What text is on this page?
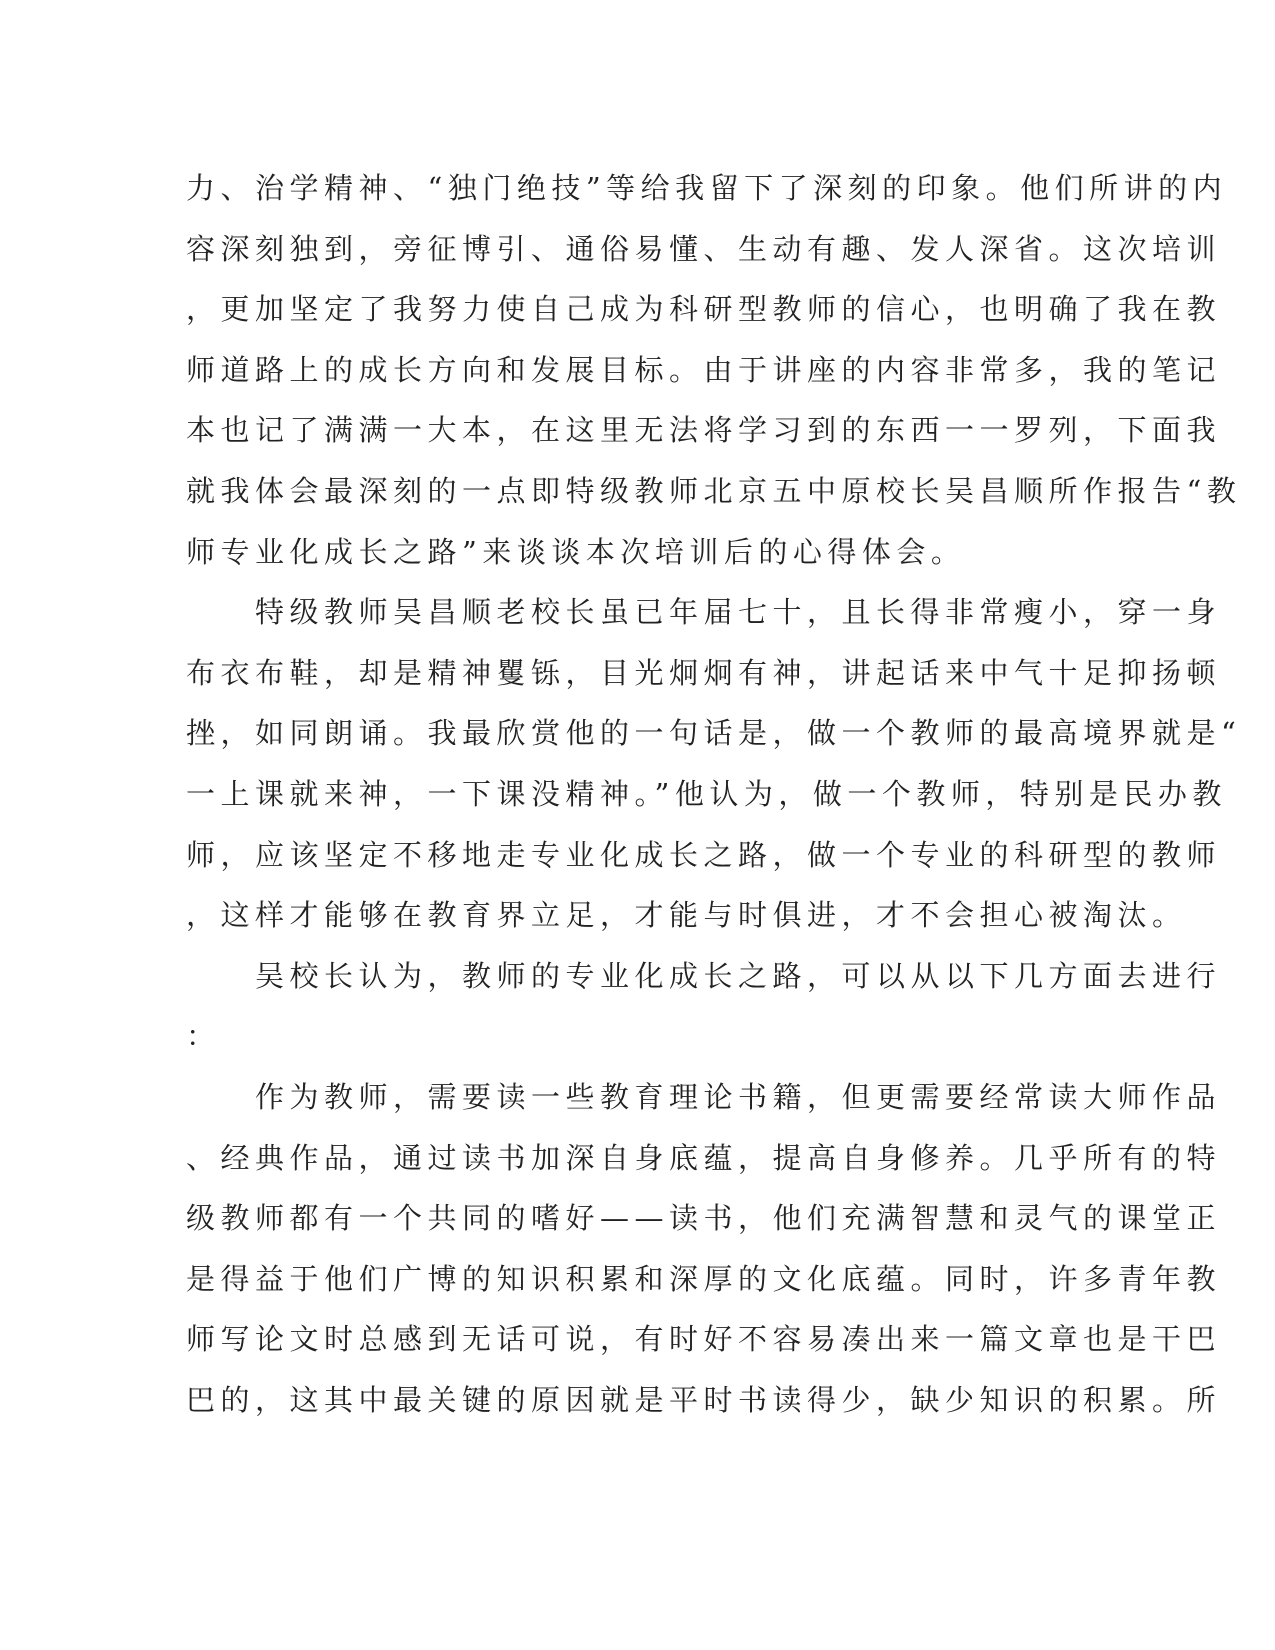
力、治学精神、“独门绝技”等给我留下了深刻的印象。他们所讲的内
容深刻独到，旁征博引、通俗易懂、生动有趣、发人深省。这次培训
，更加坚定了我努力使自己成为科研型教师的信心，也明确了我在教
师道路上的成长方向和发展目标。由于讲座的内容非常多，我的笔记
本也记了满满一大本，在这里无法将学习到的东西一一罗列，下面我
就我体会最深刻的一点即特级教师北京五中原校长吴昌顺所作报告“教
师专业化成长之路”来谈谈本次培训后的心得体会。
　　特级教师吴昌顺老校长虽已年届七十，且长得非常瘦小，穿一身
布衣布鞋，却是精神矍铄，目光炯炯有神，讲起话来中气十足抑扬顿
挫，如同朗诵。我最欣赏他的一句话是，做一个教师的最高境界就是“
一上课就来神，一下课没精神。”他认为，做一个教师，特别是民办教
师，应该坚定不移地走专业化成长之路，做一个专业的科研型的教师
，这样才能够在教育界立足，才能与时俱进，才不会担心被淘汰。
　　吴校长认为，教师的专业化成长之路，可以从以下几方面去进行
：
　　作为教师，需要读一些教育理论书籍，但更需要经常读大师作品
、经典作品，通过读书加深自身底蕴，提高自身修养。几乎所有的特
级教师都有一个共同的嗜好——读书，他们充满智慧和灵气的课堂正
是得益于他们广博的知识积累和深厚的文化底蕴。同时，许多青年教
师写论文时总感到无话可说，有时好不容易凑出来一篇文章也是干巴
巴的，这其中最关键的原因就是平时书读得少，缺少知识的积累。所
